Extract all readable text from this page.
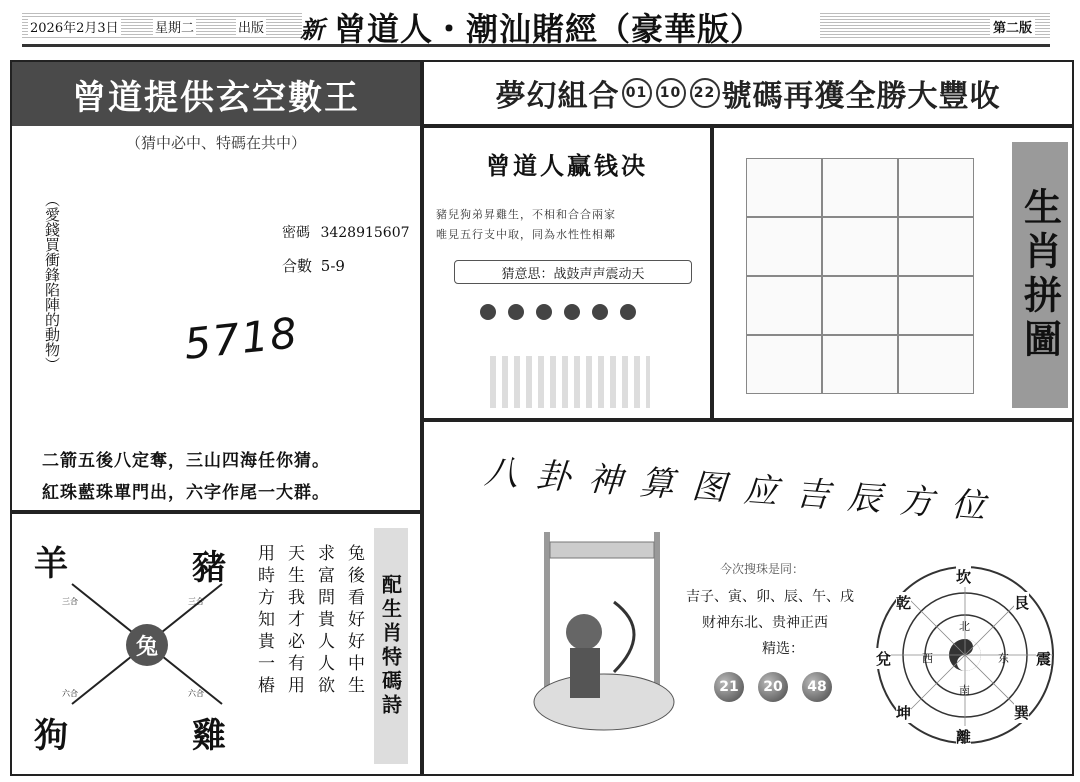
2026年2月3日	星期二	出版 新 曾道人・潮汕賭經（豪華版）	第二版
曾道提供玄空數王
（猜中必中、特碼在共中）
（愛錢買衝鋒陷陣的動物）	密碼 3428915607
合數 5-9
5718
二箭五後八定奪，三山四海任你猜。
紅珠藍珠單門出，六字作尾一大群。
夢幻組合 01 10 22 號碼再獲全勝大豐收
曾道人赢钱决
豬兒狗弟昇雞生，不相和合合兩家
唯見五行支中取，同為水性性相鄰
猜意思：战鼓声声震动天	生肖拼圖
兔
羊	豬
狗	雞
三合	三合
六合	六合	兔後看好好中生
求富問貴人人欲
天生我才必有用
用時方知貴一樁	配生肖特碼詩
八卦神算图应吉辰方位
今次搜珠是同：
吉子、寅、卯、辰、午、戌
财神东北、贵神正西
精选：
21	20	48
坎
艮
震
巽
離
坤
兌
乾
北
东
南
西
